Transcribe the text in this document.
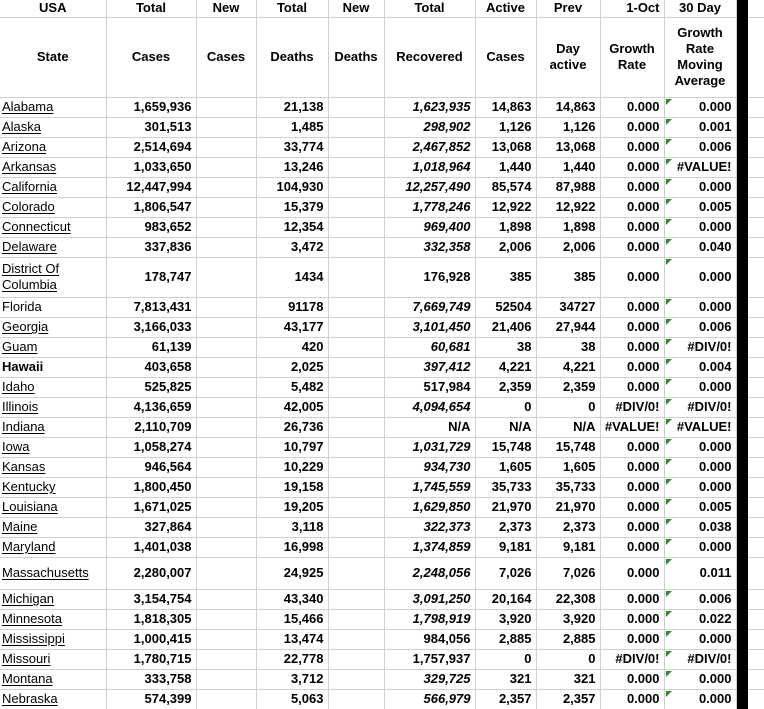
USA	Total	New	Total	New	Total	Active	Prev	1-Oct	30 Day		
State	Cases	Cases	Deaths	Deaths	Recovered	Cases	Day active	Growth Rate	Growth Rate Moving Average		
Alabama	1,659,936		21,138		1,623,935	14,863	14,863	0.000	0.000		
Alaska	301,513		1,485		298,902	1,126	1,126	0.000	0.001		
Arizona	2,514,694		33,774		2,467,852	13,068	13,068	0.000	0.006		
Arkansas	1,033,650		13,246		1,018,964	1,440	1,440	0.000	#VALUE!		
California	12,447,994		104,930		12,257,490	85,574	87,988	0.000	0.000		
Colorado	1,806,547		15,379		1,778,246	12,922	12,922	0.000	0.005		
Connecticut	983,652		12,354		969,400	1,898	1,898	0.000	0.000		
Delaware	337,836		3,472		332,358	2,006	2,006	0.000	0.040		
District Of Columbia	178,747		1434		176,928	385	385	0.000	0.000		
Florida	7,813,431		91178		7,669,749	52504	34727	0.000	0.000		
Georgia	3,166,033		43,177		3,101,450	21,406	27,944	0.000	0.006		
Guam	61,139		420		60,681	38	38	0.000	#DIV/0!		
Hawaii	403,658		2,025		397,412	4,221	4,221	0.000	0.004		
Idaho	525,825		5,482		517,984	2,359	2,359	0.000	0.000		
Illinois	4,136,659		42,005		4,094,654	0	0	#DIV/0!	#DIV/0!		
Indiana	2,110,709		26,736		N/A	N/A	N/A	#VALUE!	#VALUE!		
Iowa	1,058,274		10,797		1,031,729	15,748	15,748	0.000	0.000		
Kansas	946,564		10,229		934,730	1,605	1,605	0.000	0.000		
Kentucky	1,800,450		19,158		1,745,559	35,733	35,733	0.000	0.000		
Louisiana	1,671,025		19,205		1,629,850	21,970	21,970	0.000	0.005		
Maine	327,864		3,118		322,373	2,373	2,373	0.000	0.038		
Maryland	1,401,038		16,998		1,374,859	9,181	9,181	0.000	0.000		
Massachusetts	2,280,007		24,925		2,248,056	7,026	7,026	0.000	0.011		
Michigan	3,154,754		43,340		3,091,250	20,164	22,308	0.000	0.006		
Minnesota	1,818,305		15,466		1,798,919	3,920	3,920	0.000	0.022		
Mississippi	1,000,415		13,474		984,056	2,885	2,885	0.000	0.000		
Missouri	1,780,715		22,778		1,757,937	0	0	#DIV/0!	#DIV/0!		
Montana	333,758		3,712		329,725	321	321	0.000	0.000		
Nebraska	574,399		5,063		566,979	2,357	2,357	0.000	0.000		
